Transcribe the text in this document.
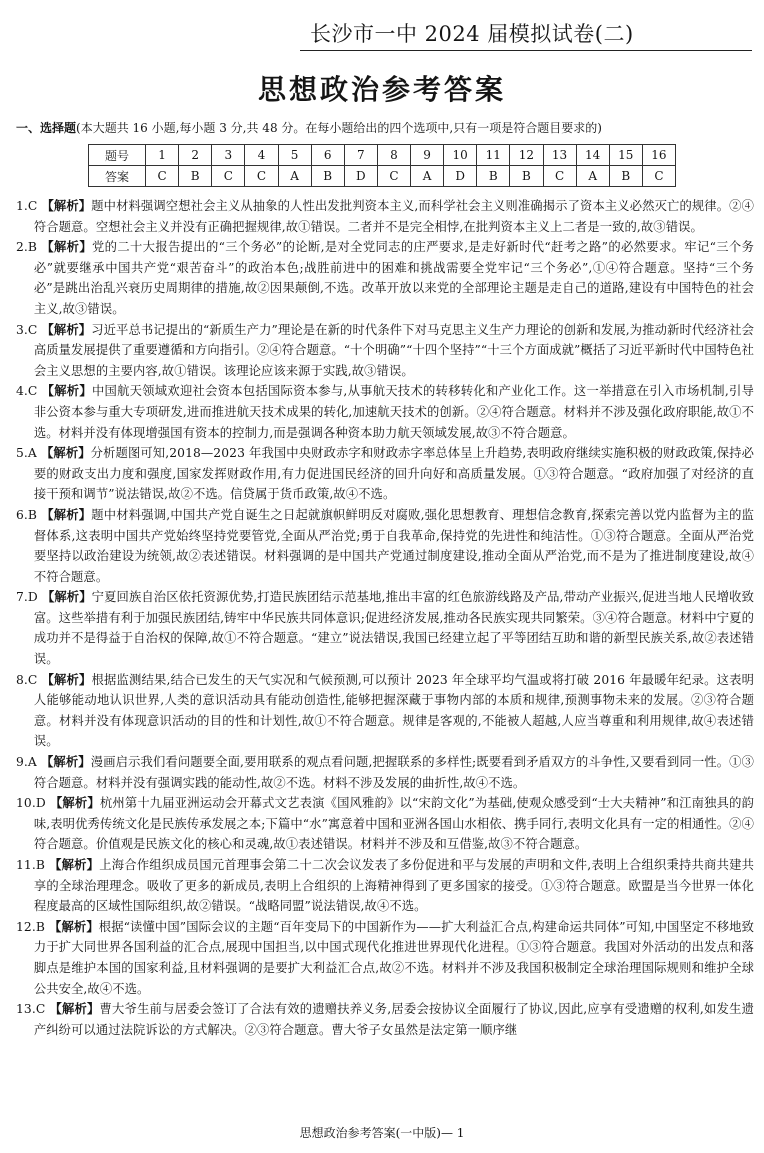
长沙市一中 2024 届模拟试卷(二)
思想政治参考答案
一、选择题(本大题共 16 小题,每小题 3 分,共 48 分。在每小题给出的四个选项中,只有一项是符合题目要求的)
题号	1	2	3	4	5	6	7	8	9	10	11	12	13	14	15	16
答案	C	B	C	C	A	B	D	C	A	D	B	B	C	A	B	C

1.C 【解析】题中材料强调空想社会主义从抽象的人性出发批判资本主义,而科学社会主义则准确揭示了资本主义必然灭亡的规律。②④符合题意。空想社会主义并没有正确把握规律,故①错误。二者并不是完全相悖,在批判资本主义上二者是一致的,故③错误。

2.B 【解析】党的二十大报告提出的“三个务必”的论断,是对全党同志的庄严要求,是走好新时代“赶考之路”的必然要求。牢记“三个务必”就要继承中国共产党“艰苦奋斗”的政治本色;战胜前进中的困难和挑战需要全党牢记“三个务必”,①④符合题意。坚持“三个务必”是跳出治乱兴衰历史周期律的措施,故②因果颠倒,不选。改革开放以来党的全部理论主题是走自己的道路,建设有中国特色的社会主义,故③错误。

3.C 【解析】习近平总书记提出的“新质生产力”理论是在新的时代条件下对马克思主义生产力理论的创新和发展,为推动新时代经济社会高质量发展提供了重要遵循和方向指引。②④符合题意。“十个明确”“十四个坚持”“十三个方面成就”概括了习近平新时代中国特色社会主义思想的主要内容,故①错误。该理论应该来源于实践,故③错误。

4.C 【解析】中国航天领域欢迎社会资本包括国际资本参与,从事航天技术的转移转化和产业化工作。这一举措意在引入市场机制,引导非公资本参与重大专项研发,进而推进航天技术成果的转化,加速航天技术的创新。②④符合题意。材料并不涉及强化政府职能,故①不选。材料并没有体现增强国有资本的控制力,而是强调各种资本助力航天领域发展,故③不符合题意。

5.A 【解析】分析题图可知,2018—2023 年我国中央财政赤字和财政赤字率总体呈上升趋势,表明政府继续实施积极的财政政策,保持必要的财政支出力度和强度,国家发挥财政作用,有力促进国民经济的回升向好和高质量发展。①③符合题意。“政府加强了对经济的直接干预和调节”说法错误,故②不选。信贷属于货币政策,故④不选。

6.B 【解析】题中材料强调,中国共产党自诞生之日起就旗帜鲜明反对腐败,强化思想教育、理想信念教育,探索完善以党内监督为主的监督体系,这表明中国共产党始终坚持党要管党,全面从严治党;勇于自我革命,保持党的先进性和纯洁性。①③符合题意。全面从严治党要坚持以政治建设为统领,故②表述错误。材料强调的是中国共产党通过制度建设,推动全面从严治党,而不是为了推进制度建设,故④不符合题意。

7.D 【解析】宁夏回族自治区依托资源优势,打造民族团结示范基地,推出丰富的红色旅游线路及产品,带动产业振兴,促进当地人民增收致富。这些举措有利于加强民族团结,铸牢中华民族共同体意识;促进经济发展,推动各民族实现共同繁荣。③④符合题意。材料中宁夏的成功并不是得益于自治权的保障,故①不符合题意。“建立”说法错误,我国已经建立起了平等团结互助和谐的新型民族关系,故②表述错误。

8.C 【解析】根据监测结果,结合已发生的天气实况和气候预测,可以预计 2023 年全球平均气温或将打破 2016 年最暖年纪录。这表明人能够能动地认识世界,人类的意识活动具有能动创造性,能够把握深藏于事物内部的本质和规律,预测事物未来的发展。②③符合题意。材料并没有体现意识活动的目的性和计划性,故①不符合题意。规律是客观的,不能被人超越,人应当尊重和利用规律,故④表述错误。

9.A 【解析】漫画启示我们看问题要全面,要用联系的观点看问题,把握联系的多样性;既要看到矛盾双方的斗争性,又要看到同一性。①③符合题意。材料并没有强调实践的能动性,故②不选。材料不涉及发展的曲折性,故④不选。

10.D 【解析】杭州第十九届亚洲运动会开幕式文艺表演《国风雅韵》以“宋韵文化”为基础,使观众感受到“士大夫精神”和江南独具的韵味,表明优秀传统文化是民族传承发展之本;下篇中“水”寓意着中国和亚洲各国山水相依、携手同行,表明文化具有一定的相通性。②④符合题意。价值观是民族文化的核心和灵魂,故①表述错误。材料并不涉及和互借鉴,故③不符合题意。

11.B 【解析】上海合作组织成员国元首理事会第二十二次会议发表了多份促进和平与发展的声明和文件,表明上合组织秉持共商共建共享的全球治理理念。吸收了更多的新成员,表明上合组织的上海精神得到了更多国家的接受。①③符合题意。欧盟是当今世界一体化程度最高的区域性国际组织,故②错误。“战略同盟”说法错误,故④不选。

12.B 【解析】根据“读懂中国”国际会议的主题“百年变局下的中国新作为——扩大利益汇合点,构建命运共同体”可知,中国坚定不移地致力于扩大同世界各国利益的汇合点,展现中国担当,以中国式现代化推进世界现代化进程。①③符合题意。我国对外活动的出发点和落脚点是维护本国的国家利益,且材料强调的是要扩大利益汇合点,故②不选。材料并不涉及我国积极制定全球治理国际规则和维护全球公共安全,故④不选。

13.C 【解析】曹大爷生前与居委会签订了合法有效的遗赠扶养义务,居委会按协议全面履行了协议,因此,应享有受遗赠的权利,如发生遗产纠纷可以通过法院诉讼的方式解决。②③符合题意。曹大爷子女虽然是法定第一顺序继

思想政治参考答案(一中版)— 1
